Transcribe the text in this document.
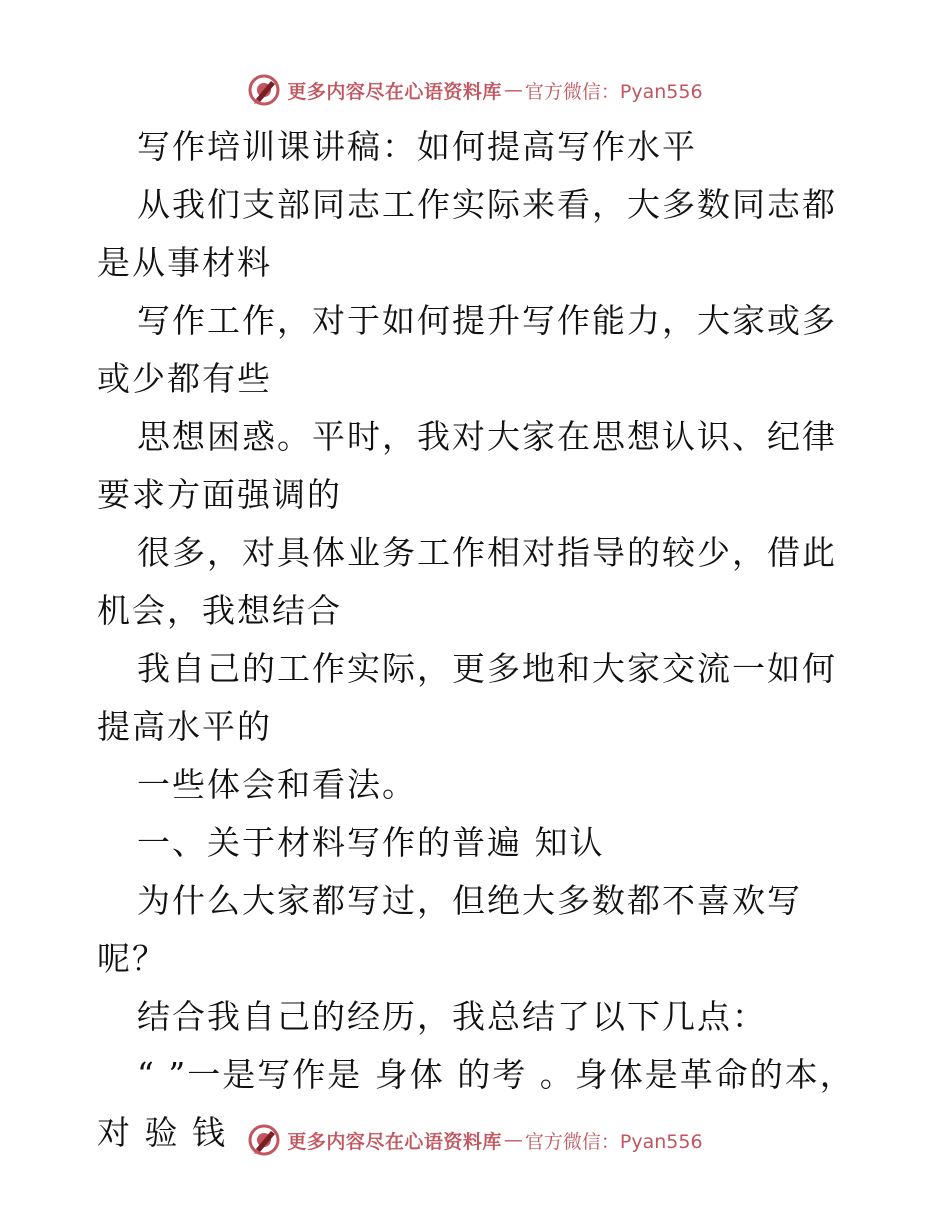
更多内容尽在心语资料库 — 官方微信：Pyan556

写作培训课讲稿：如何提高写作水平

从我们支部同志工作实际来看，大多数同志都是从事材料

写作工作，对于如何提升写作能力，大家或多或少都有些

思想困惑。平时，我对大家在思想认识、纪律要求方面强调的

很多，对具体业务工作相对指导的较少，借此机会，我想结合

我自己的工作实际，更多地和大家交流一如何提高水平的

一些体会和看法。

一、关于材料写作的普遍 知认

为什么大家都写过，但绝大多数都不喜欢写呢？

结合我自己的经历，我总结了以下几点：

“ ”一是写作是 身体 的考 。身体是革命的本，对 验 钱	更多内容尽在心语资料库 — 官方微信：Pyan556
